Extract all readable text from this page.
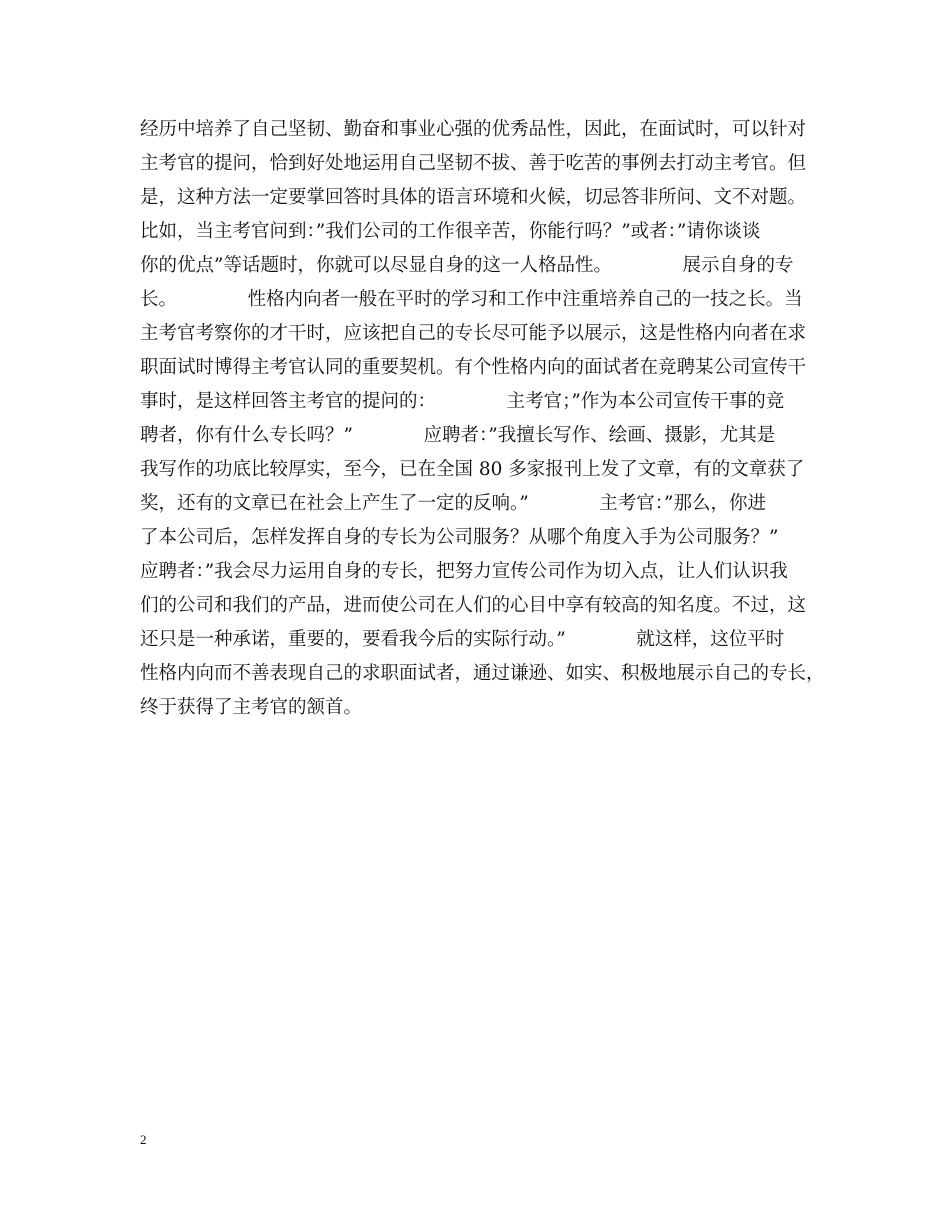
经历中培养了自己坚韧、勤奋和事业心强的优秀品性，因此，在面试时，可以针对
主考官的提问，恰到好处地运用自己坚韧不拔、善于吃苦的事例去打动主考官。但
是，这种方法一定要掌回答时具体的语言环境和火候，切忌答非所问、文不对题。
比如，当主考官问到：”我们公司的工作很辛苦，你能行吗？”或者：”请你谈谈
你的优点”等话题时，你就可以尽显自身的这一人格品性。            展示自身的专
长。            性格内向者一般在平时的学习和工作中注重培养自己的一技之长。当
主考官考察你的才干时，应该把自己的专长尽可能予以展示，这是性格内向者在求
职面试时博得主考官认同的重要契机。有个性格内向的面试者在竞聘某公司宣传干
事时，是这样回答主考官的提问的：            主考官；”作为本公司宣传干事的竞
聘者，你有什么专长吗？”            应聘者：”我擅长写作、绘画、摄影，尤其是
我写作的功底比较厚实，至今，已在全国 80 多家报刊上发了文章，有的文章获了
奖，还有的文章已在社会上产生了一定的反响。”            主考官：”那么，你进
了本公司后，怎样发挥自身的专长为公司服务？从哪个角度入手为公司服务？”
应聘者：”我会尽力运用自身的专长，把努力宣传公司作为切入点，让人们认识我
们的公司和我们的产品，进而使公司在人们的心目中享有较高的知名度。不过，这
还只是一种承诺，重要的，要看我今后的实际行动。”            就这样，这位平时
性格内向而不善表现自己的求职面试者，通过谦逊、如实、积极地展示自己的专长，
终于获得了主考官的颔首。
2
